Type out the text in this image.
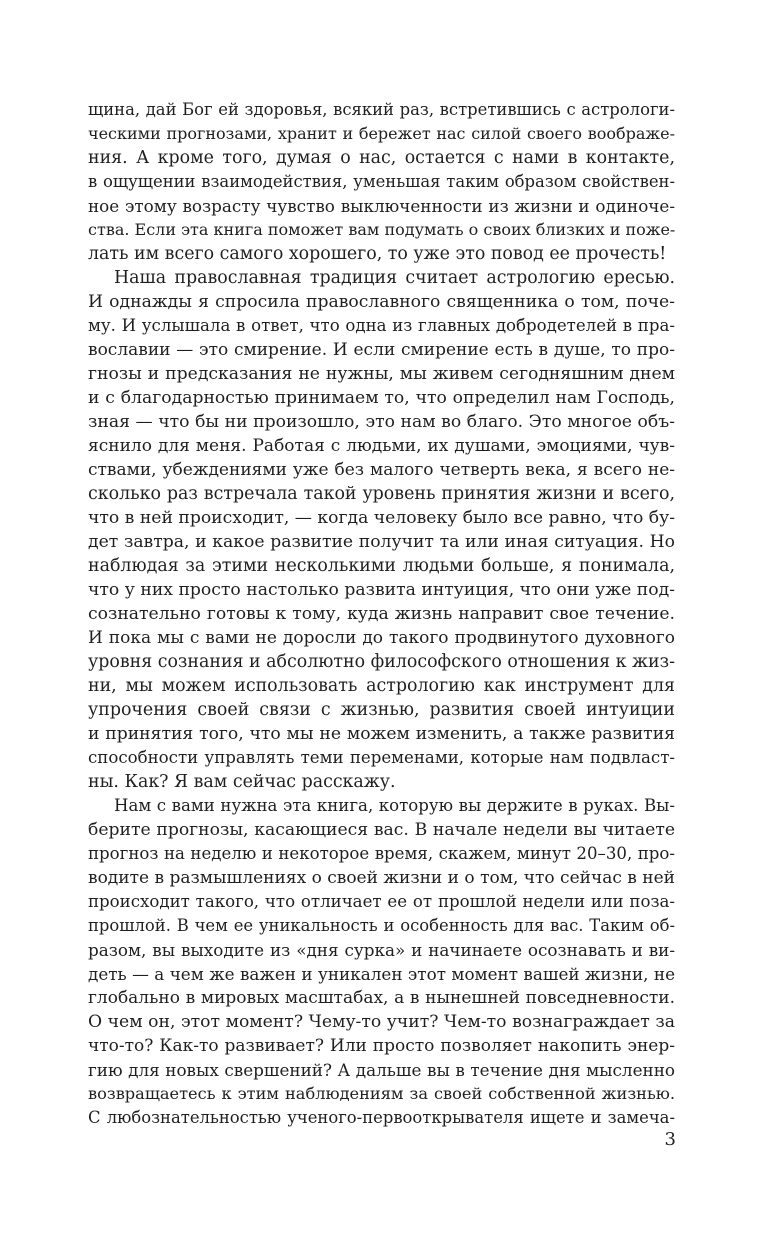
щина, дай Бог ей здоровья, всякий раз, встретившись с астрологи-
ческими прогнозами, хранит и бережет нас силой своего воображе-
ния. А кроме того, думая о нас, остается с нами в контакте,
в ощущении взаимодействия, уменьшая таким образом свойствен-
ное этому возрасту чувство выключенности из жизни и одиноче-
ства. Если эта книга поможет вам подумать о своих близких и поже-
лать им всего самого хорошего, то уже это повод ее прочесть!

Наша православная традиция считает астрологию ересью.
И однажды я спросила православного священника о том, почe-
му. И услышала в ответ, что одна из главных добродетелей в пра-
вославии — это смирение. И если смирение есть в душе, то про-
гнозы и предсказания не нужны, мы живем сегодняшним днем
и с благодарностью принимаем то, что определил нам Господь,
зная — что бы ни произошло, это нам во благо. Это многое объ-
яснило для меня. Работая с людьми, их душами, эмоциями, чув-
ствами, убеждениями уже без малого четверть века, я всего не-
сколько раз встречала такой уровень принятия жизни и всего,
что в ней происходит, — когда человеку было все равно, что бу-
дет завтра, и какое развитие получит та или иная ситуация. Но
наблюдая за этими несколькими людьми больше, я понимала,
что у них просто настолько развита интуиция, что они уже под-
сознательно готовы к тому, куда жизнь направит свое течение.
И пока мы с вами не доросли до такого продвинутого духовного
уровня сознания и абсолютно философского отношения к жиз-
ни, мы можем использовать астрологию как инструмент для
упрочения своей связи с жизнью, развития своей интуиции
и принятия того, что мы не можем изменить, а также развития
способности управлять теми переменами, которые нам подвласт-
ны. Как? Я вам сейчас расскажу.

Нам с вами нужна эта книга, которую вы держите в руках. Вы-
берите прогнозы, касающиеся вас. В начале недели вы читаете
прогноз на неделю и некоторое время, скажем, минут 20–30, про-
водите в размышлениях о своей жизни и о том, что сейчас в ней
происходит такого, что отличает ее от прошлой недели или поза-
прошлой. В чем ее уникальность и особенность для вас. Таким об-
разом, вы выходите из «дня сурка» и начинаете осознавать и ви-
деть — а чем же важен и уникален этот момент вашей жизни, не
глобально в мировых масштабах, а в нынешней повседневности.
О чем он, этот момент? Чему-то учит? Чем-то вознаграждает за
что-то? Как-то развивает? Или просто позволяет накопить энер-
гию для новых свершений? А дальше вы в течение дня мысленно
возвращаетесь к этим наблюдениям за своей собственной жизнью.
С любознательностью ученого-первооткрывателя ищете и замеча-

3
